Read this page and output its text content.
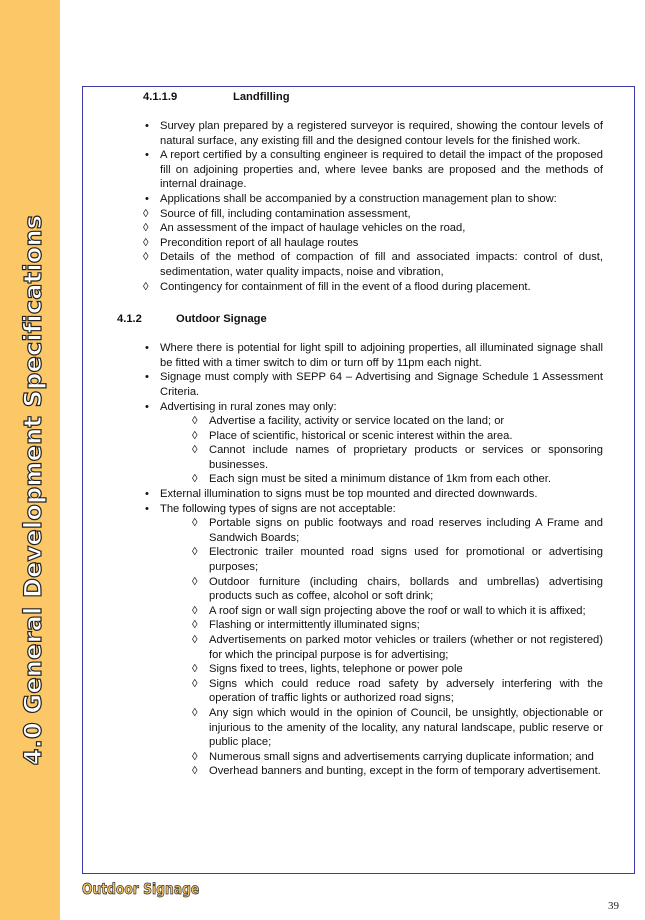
4.0 General Development Specifications
4.1.1.9	Landfilling
• Survey plan prepared by a registered surveyor is required, showing the contour levels of natural surface, any existing fill and the designed contour levels for the finished work.
• A report certified by a consulting engineer is required to detail the impact of the proposed fill on adjoining properties and, where levee banks are proposed and the methods of internal drainage.
• Applications shall be accompanied by a construction management plan to show:
◊ Source of fill, including contamination assessment,
◊ An assessment of the impact of haulage vehicles on the road,
◊ Precondition report of all haulage routes
◊ Details of the method of compaction of fill and associated impacts: control of dust, sedimentation, water quality impacts, noise and vibration,
◊ Contingency for containment of fill in the event of a flood during placement.
4.1.2	Outdoor Signage
• Where there is potential for light spill to adjoining properties, all illuminated signage shall be fitted with a timer switch to dim or turn off by 11pm each night.
• Signage must comply with SEPP 64 – Advertising and Signage Schedule 1 Assessment Criteria.
• Advertising in rural zones may only:
◊ Advertise a facility, activity or service located on the land; or
◊ Place of scientific, historical or scenic interest within the area.
◊ Cannot include names of proprietary products or services or sponsoring businesses.
◊ Each sign must be sited a minimum distance of 1km from each other.
• External illumination to signs must be top mounted and directed downwards.
• The following types of signs are not acceptable:
◊ Portable signs on public footways and road reserves including A Frame and Sandwich Boards;
◊ Electronic trailer mounted road signs used for promotional or advertising purposes;
◊ Outdoor furniture (including chairs, bollards and umbrellas) advertising products such as coffee, alcohol or soft drink;
◊ A roof sign or wall sign projecting above the roof or wall to which it is affixed;
◊ Flashing or intermittently illuminated signs;
◊ Advertisements on parked motor vehicles or trailers (whether or not registered) for which the principal purpose is for advertising;
◊ Signs fixed to trees, lights, telephone or power pole
◊ Signs which could reduce road safety by adversely interfering with the operation of traffic lights or authorized road signs;
◊ Any sign which would in the opinion of Council, be unsightly, objectionable or injurious to the amenity of the locality, any natural landscape, public reserve or public place;
◊ Numerous small signs and advertisements carrying duplicate information; and
◊ Overhead banners and bunting, except in the form of temporary advertisement.
Outdoor Signage
39
